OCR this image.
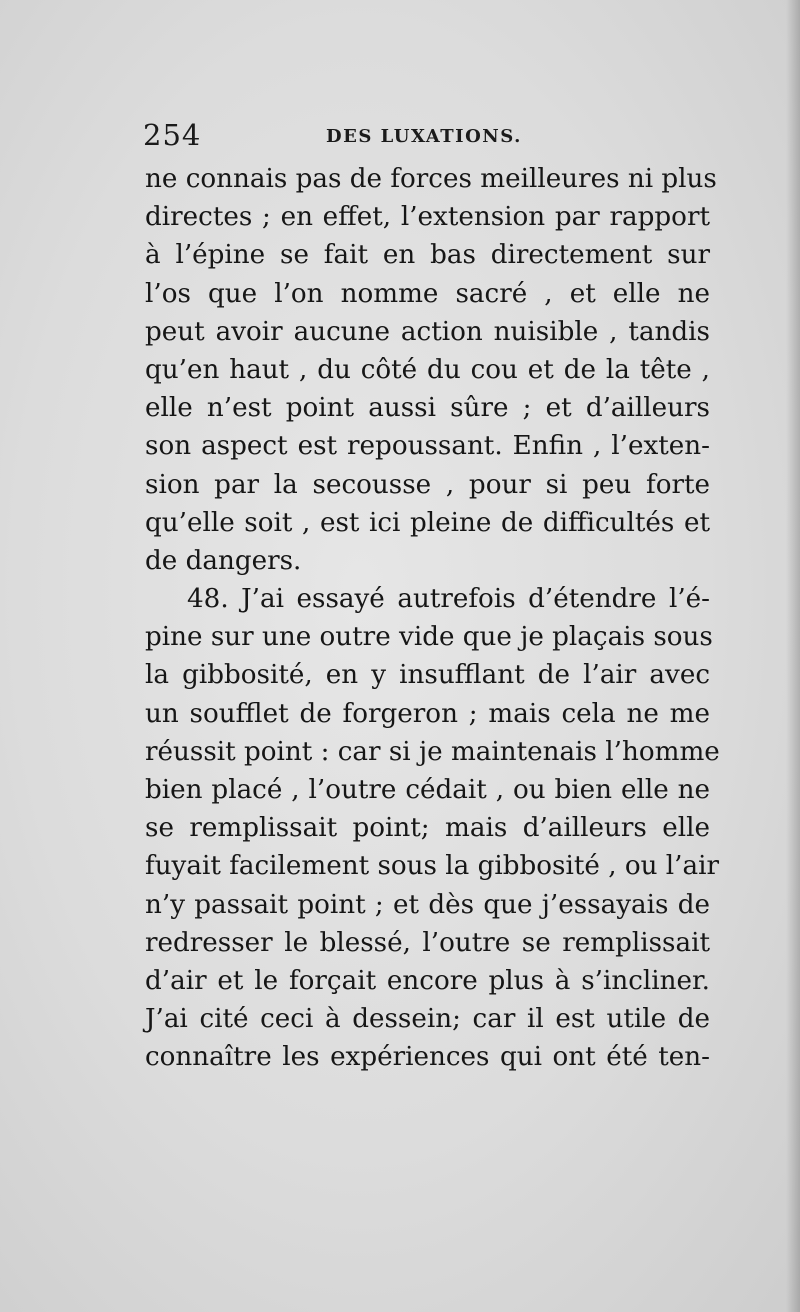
254	DES LUXATIONS.
ne connais pas de forces meilleures ni plus
directes ; en effet, l’extension par rapport
à l’épine se fait en bas directement sur
l’os que l’on nomme sacré , et elle ne
peut avoir aucune action nuisible , tandis
qu’en haut , du côté du cou et de la tête ,
elle n’est point aussi sûre ; et d’ailleurs
son aspect est repoussant. Enfin , l’exten-
sion par la secousse , pour si peu forte
qu’elle soit , est ici pleine de difficultés et
de dangers.
48. J’ai essayé autrefois d’étendre l’é-
pine sur une outre vide que je plaçais sous
la gibbosité, en y insufflant de l’air avec
un soufflet de forgeron ; mais cela ne me
réussit point : car si je maintenais l’homme
bien placé , l’outre cédait , ou bien elle ne
se remplissait point; mais d’ailleurs elle
fuyait facilement sous la gibbosité , ou l’air
n’y passait point ; et dès que j’essayais de
redresser le blessé, l’outre se remplissait
d’air et le forçait encore plus à s’incliner.
J’ai cité ceci à dessein; car il est utile de
connaître les expériences qui ont été ten-
